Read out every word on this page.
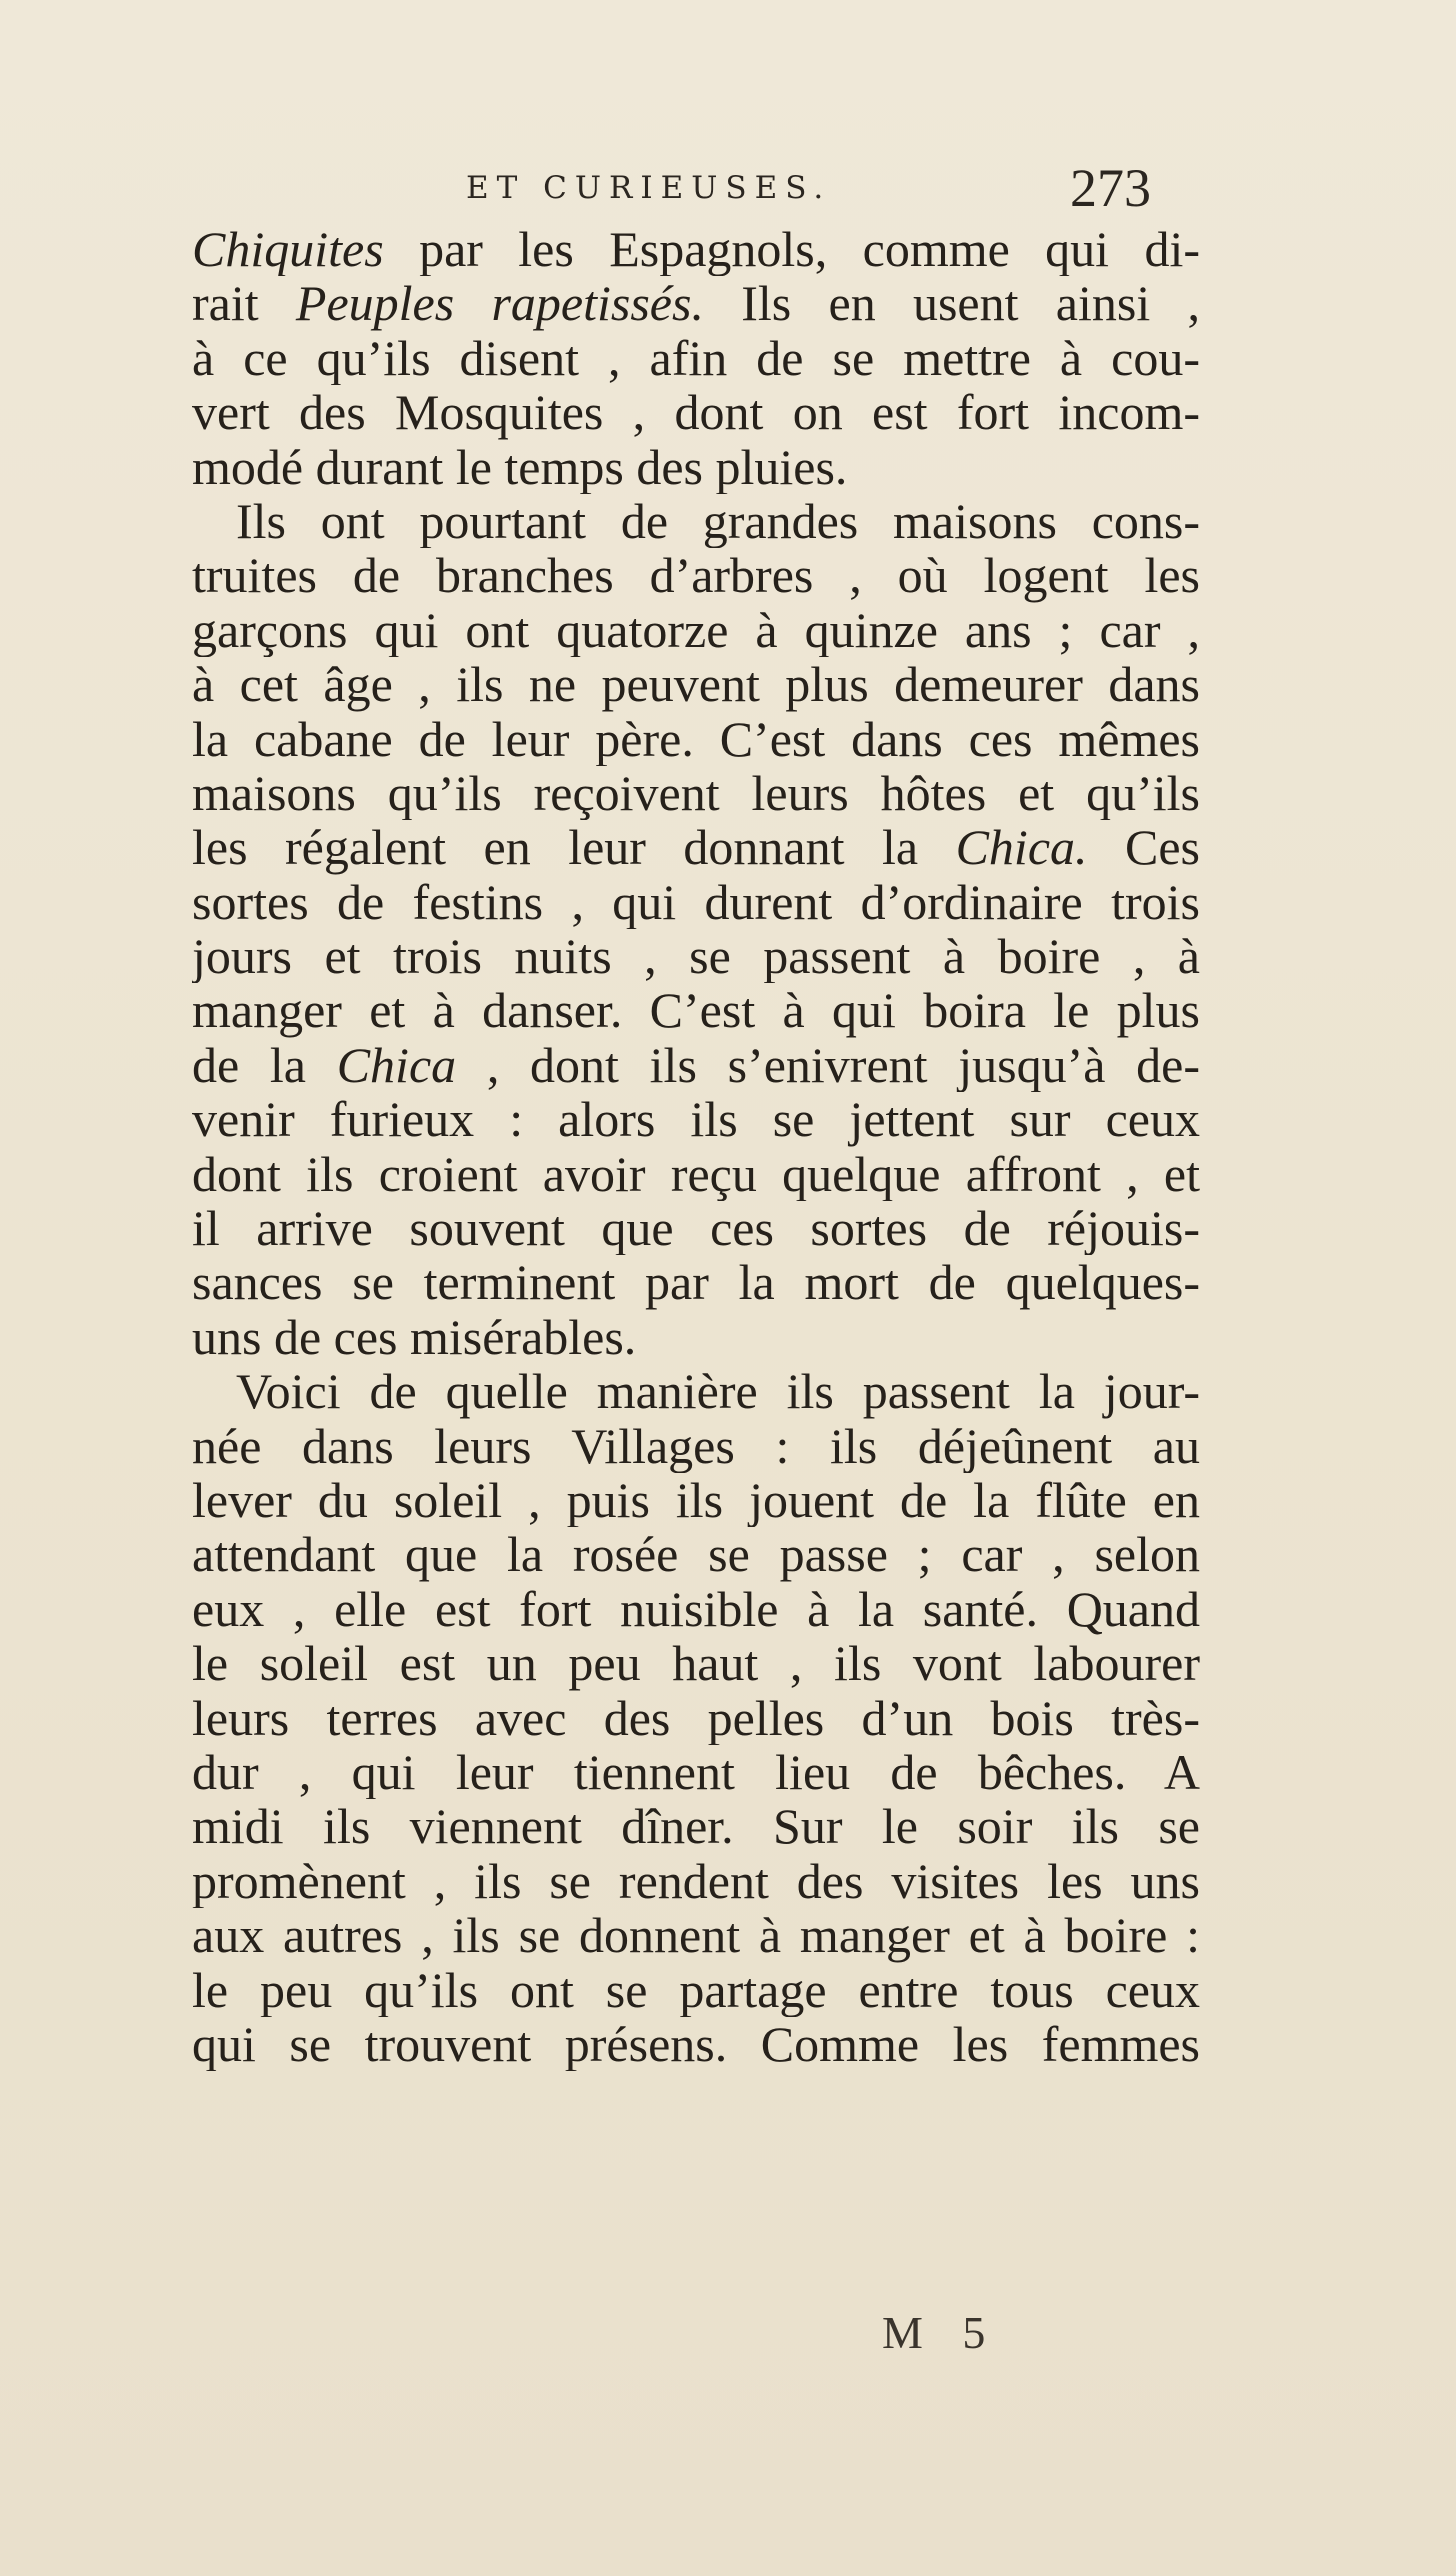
ET CURIEUSES.	273
Chiquites par les Espagnols, comme qui di-
rait Peuples rapetissés. Ils en usent ainsi ,
à ce qu’ils disent , afin de se mettre à cou-
vert des Mosquites , dont on est fort incom-
modé durant le temps des pluies.
Ils ont pourtant de grandes maisons cons-
truites de branches d’arbres , où logent les
garçons qui ont quatorze à quinze ans ; car ,
à cet âge , ils ne peuvent plus demeurer dans
la cabane de leur père. C’est dans ces mêmes
maisons qu’ils reçoivent leurs hôtes et qu’ils
les régalent en leur donnant la Chica. Ces
sortes de festins , qui durent d’ordinaire trois
jours et trois nuits , se passent à boire , à
manger et à danser. C’est à qui boira le plus
de la Chica , dont ils s’enivrent jusqu’à de-
venir furieux : alors ils se jettent sur ceux
dont ils croient avoir reçu quelque affront , et
il arrive souvent que ces sortes de réjouis-
sances se terminent par la mort de quelques-
uns de ces misérables.
Voici de quelle manière ils passent la jour-
née dans leurs Villages : ils déjeûnent au
lever du soleil , puis ils jouent de la flûte en
attendant que la rosée se passe ; car , selon
eux , elle est fort nuisible à la santé. Quand
le soleil est un peu haut , ils vont labourer
leurs terres avec des pelles d’un bois très-
dur , qui leur tiennent lieu de bêches. A
midi ils viennent dîner. Sur le soir ils se
promènent , ils se rendent des visites les uns
aux autres , ils se donnent à manger et à boire :
le peu qu’ils ont se partage entre tous ceux
qui se trouvent présens. Comme les femmes
M 5
